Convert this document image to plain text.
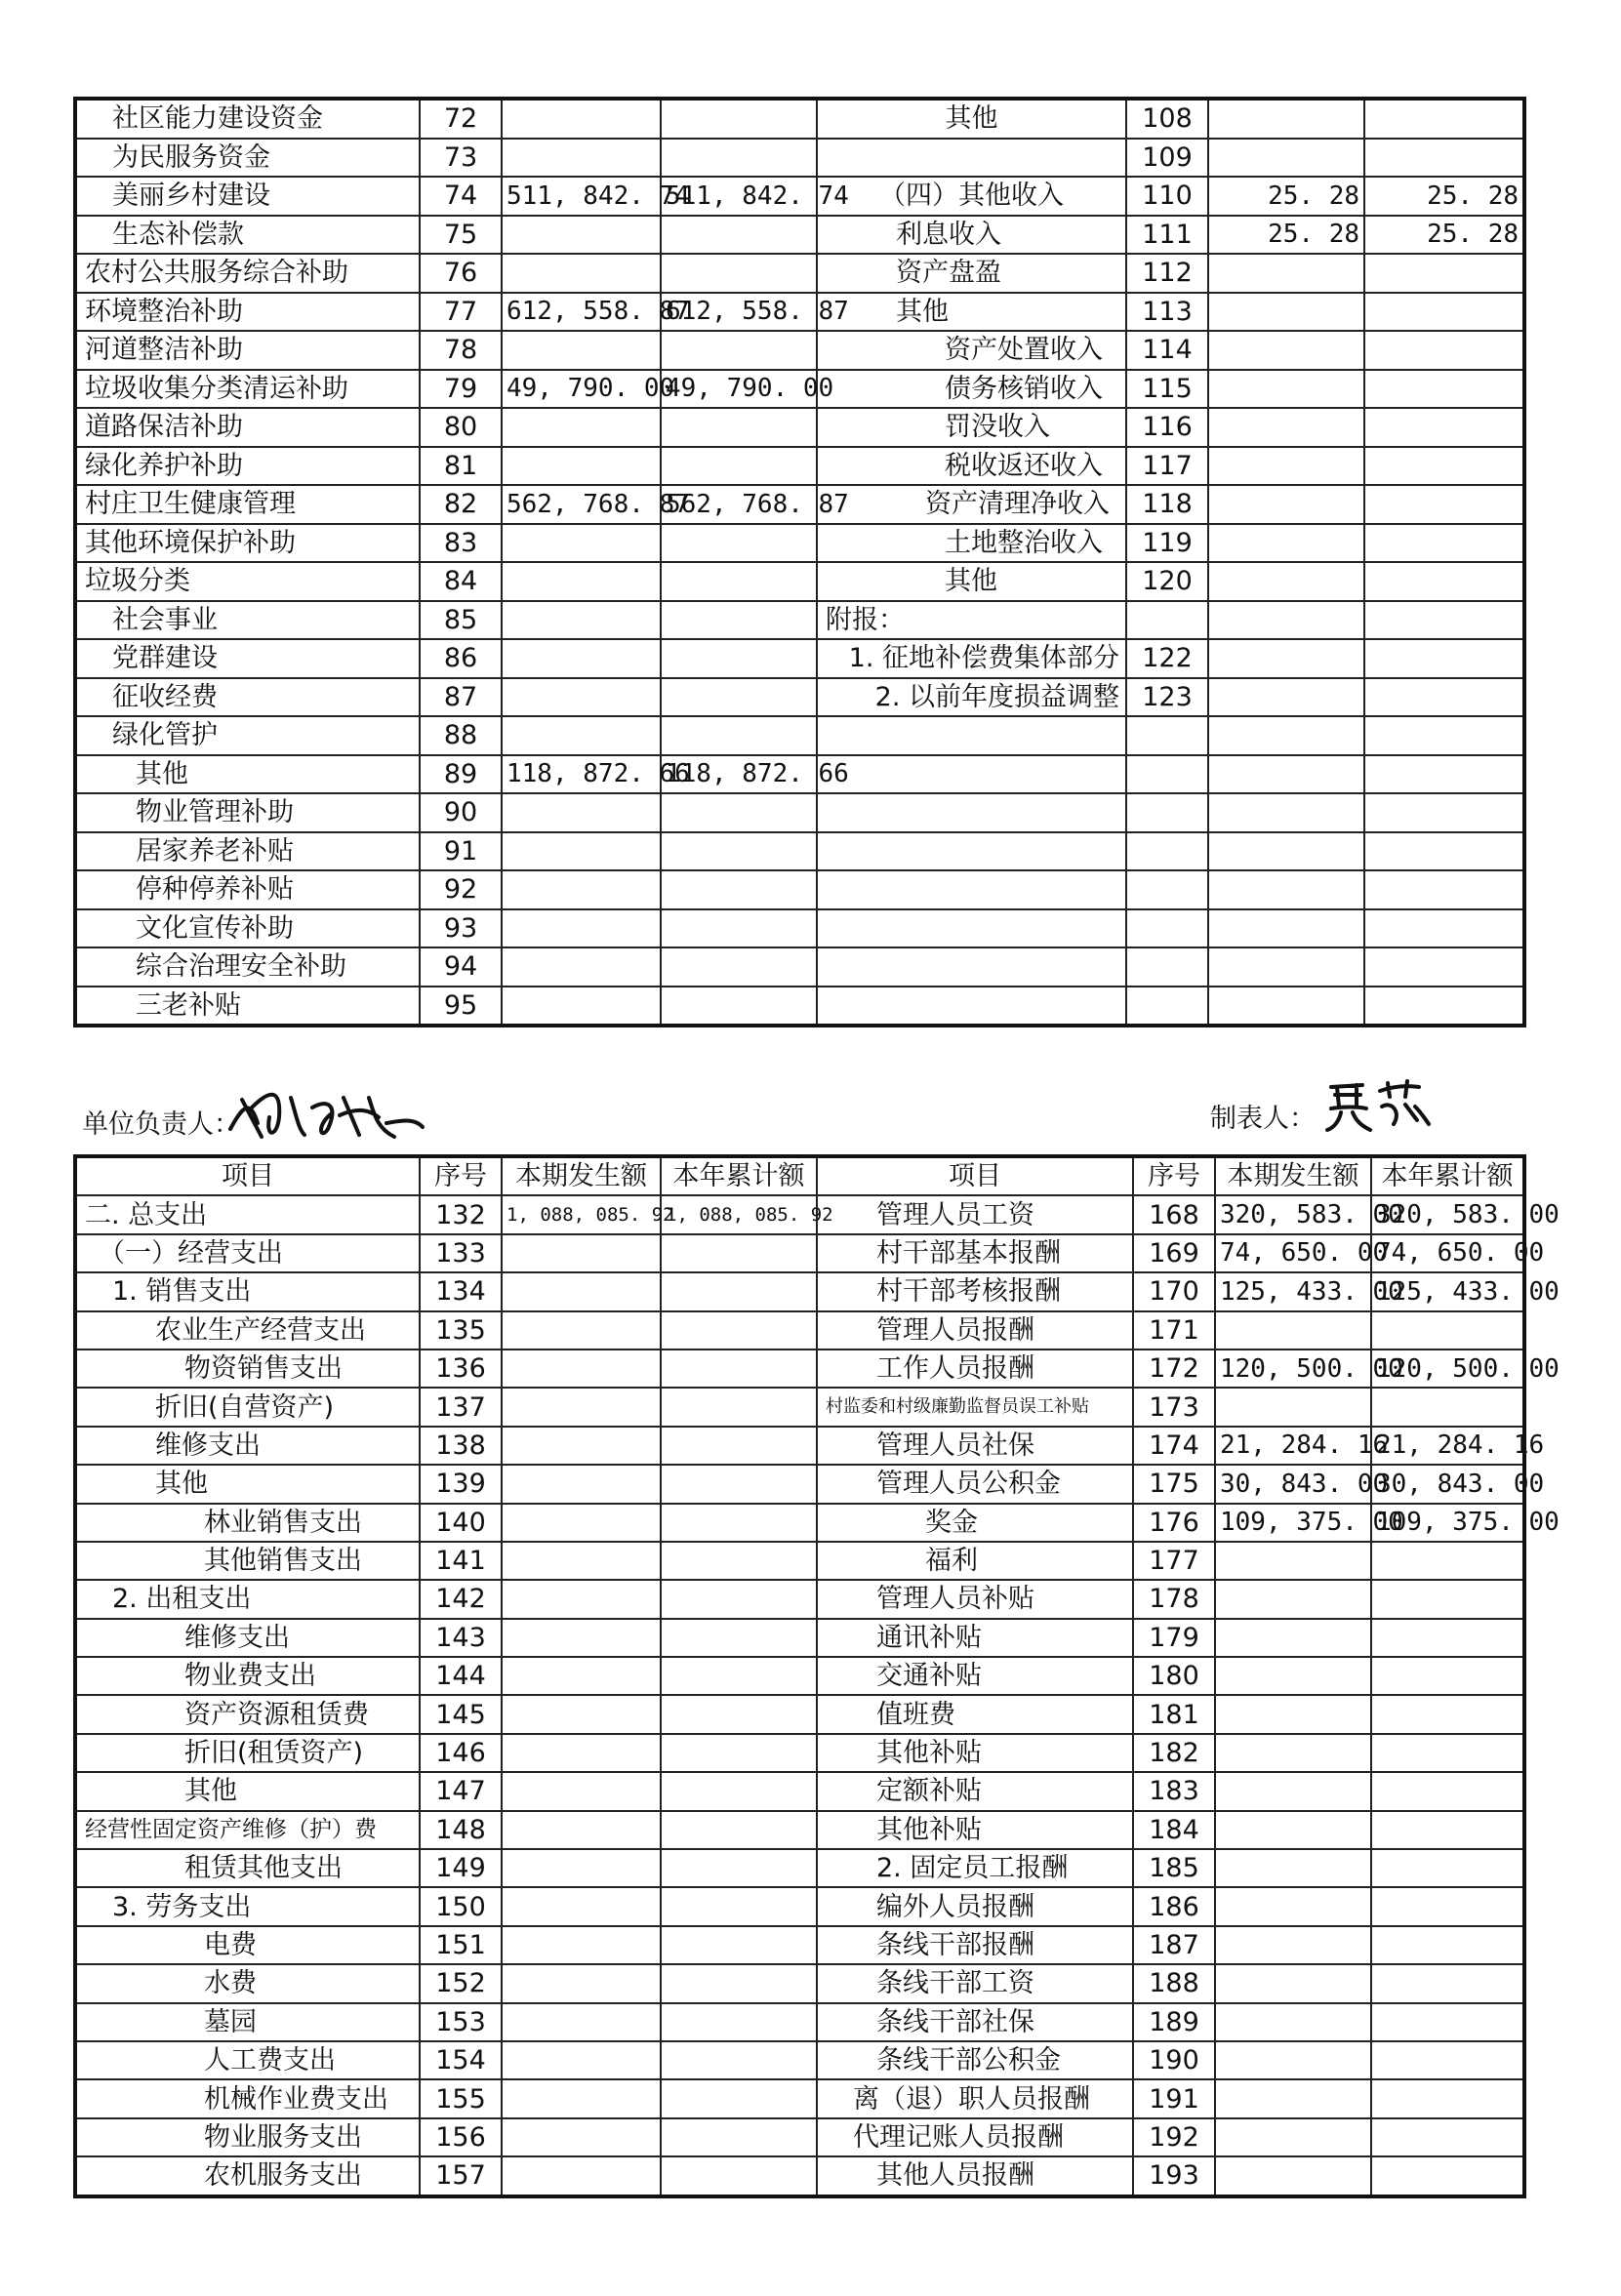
社区能力建设资金	72			其他	108		
为民服务资金	73				109		
美丽乡村建设	74	511, 842. 74	511, 842. 74	（四）其他收入	110	25. 28	25. 28
生态补偿款	75			利息收入	111	25. 28	25. 28
农村公共服务综合补助	76			资产盘盈	112		
环境整治补助	77	612, 558. 87	612, 558. 87	其他	113		
河道整洁补助	78			资产处置收入	114		
垃圾收集分类清运补助	79	49, 790. 00	49, 790. 00	债务核销收入	115		
道路保洁补助	80			罚没收入	116		
绿化养护补助	81			税收返还收入	117		
村庄卫生健康管理	82	562, 768. 87	562, 768. 87	资产清理净收入	118		
其他环境保护补助	83			土地整治收入	119		
垃圾分类	84			其他	120		
社会事业	85			附报：			
党群建设	86			1. 征地补偿费集体部分	122		
征收经费	87			2. 以前年度损益调整	123		
绿化管护	88						
其他	89	118, 872. 66	118, 872. 66				
物业管理补助	90						
居家养老补贴	91						
停种停养补贴	92						
文化宣传补助	93						
综合治理安全补助	94						
三老补贴	95						
单位负责人：	制表人：
项目	序号	本期发生额	本年累计额	项目	序号	本期发生额	本年累计额
二. 总支出	132	1, 088, 085. 92	1, 088, 085. 92	管理人员工资	168	320, 583. 00	320, 583. 00
（一）经营支出	133			村干部基本报酬	169	74, 650. 00	74, 650. 00
1. 销售支出	134			村干部考核报酬	170	125, 433. 00	125, 433. 00
农业生产经营支出	135			管理人员报酬	171		
物资销售支出	136			工作人员报酬	172	120, 500. 00	120, 500. 00
折旧(自营资产)	137			村监委和村级廉勤监督员误工补贴	173		
维修支出	138			管理人员社保	174	21, 284. 16	21, 284. 16
其他	139			管理人员公积金	175	30, 843. 00	30, 843. 00
林业销售支出	140			奖金	176	109, 375. 00	109, 375. 00
其他销售支出	141			福利	177		
2. 出租支出	142			管理人员补贴	178		
维修支出	143			通讯补贴	179		
物业费支出	144			交通补贴	180		
资产资源租赁费	145			值班费	181		
折旧(租赁资产)	146			其他补贴	182		
其他	147			定额补贴	183		
经营性固定资产维修（护）费	148			其他补贴	184		
租赁其他支出	149			2. 固定员工报酬	185		
3. 劳务支出	150			编外人员报酬	186		
电费	151			条线干部报酬	187		
水费	152			条线干部工资	188		
墓园	153			条线干部社保	189		
人工费支出	154			条线干部公积金	190		
机械作业费支出	155			离（退）职人员报酬	191		
物业服务支出	156			代理记账人员报酬	192		
农机服务支出	157			其他人员报酬	193		
